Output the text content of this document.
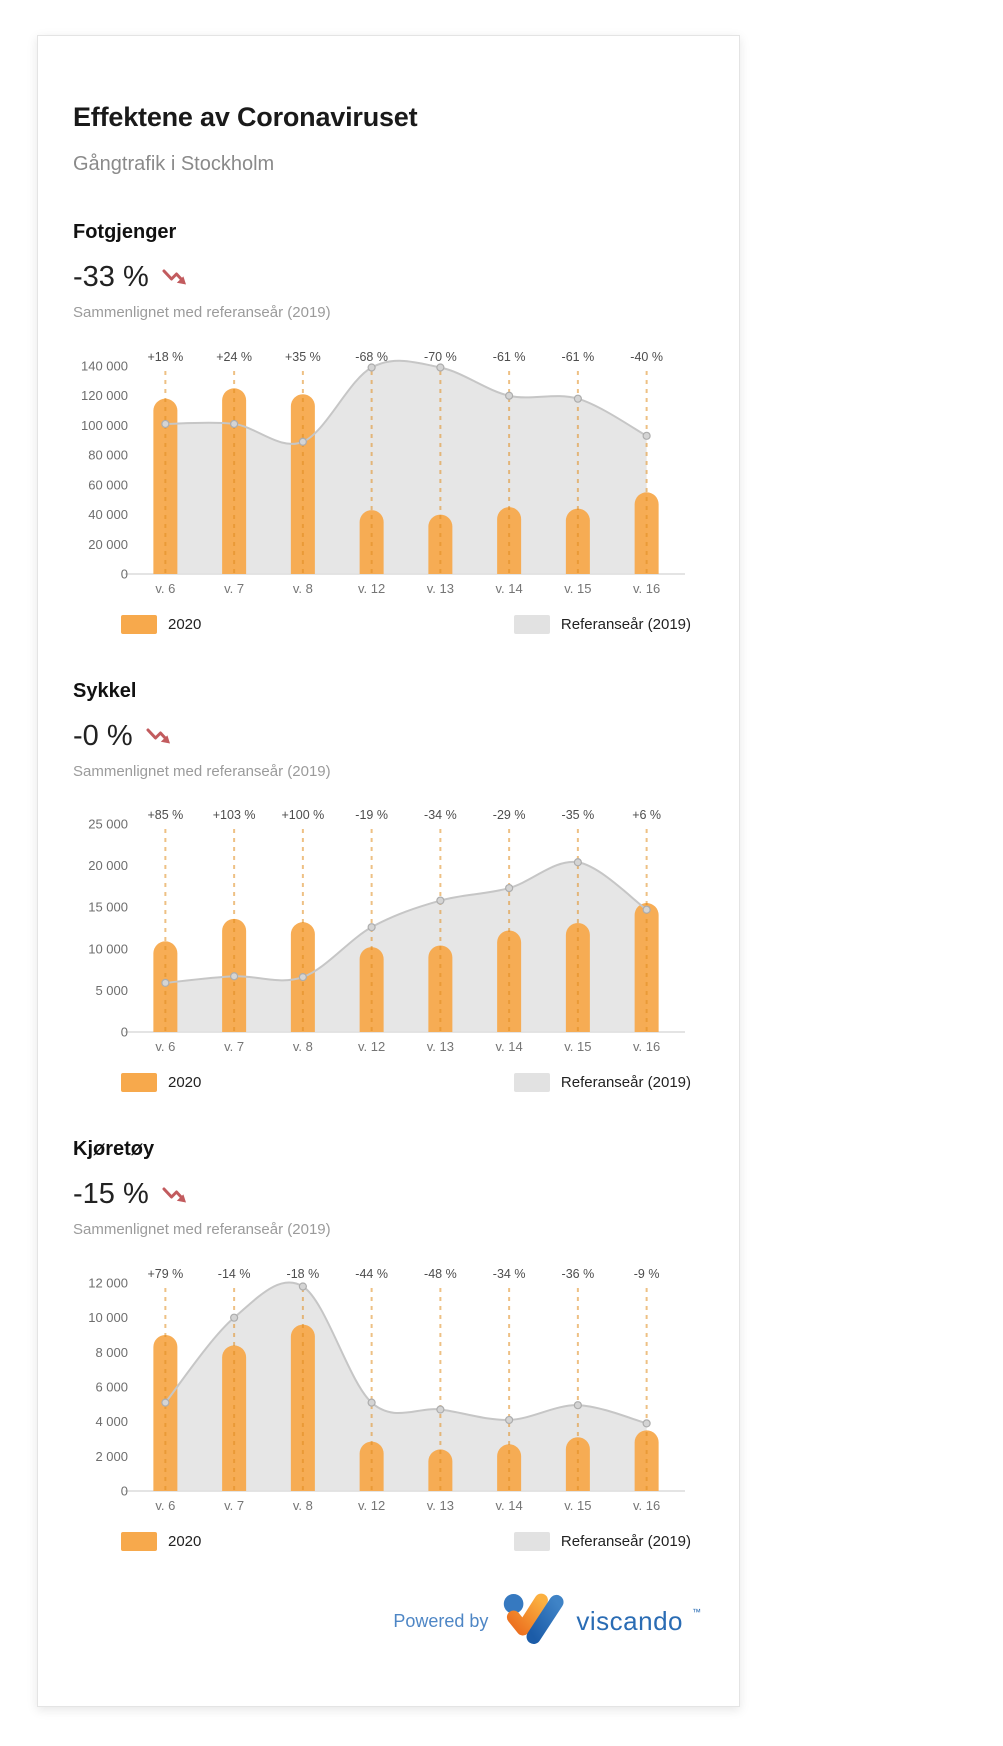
Effektene av Coronaviruset
Gångtrafik i Stockholm
Fotgjenger
-33 %
Sammenlignet med referanseår (2019)
+18 %	+24 %	+35 %	-68 %	-70 %	-61 %	-61 %	-40 %
140 000
120 000
100 000
80 000
60 000
40 000
20 000
0
v. 6	v. 7	v. 8	v. 12	v. 13	v. 14	v. 15	v. 16
2020	Referanseår (2019)
Sykkel
-0 %
Sammenlignet med referanseår (2019)
+85 % +103 % +100 % -19 %	-34 %	-29 %	-35 %	+6 %
25 000
20 000
15 000
10 000
5 000
0
v. 6	v. 7	v. 8	v. 12	v. 13	v. 14	v. 15	v. 16
2020	Referanseår (2019)
Kjøretøy
-15 %
Sammenlignet med referanseår (2019)
+79 %	-14 %	-18 %	-44 %	-48 %	-34 %	-36 %	-9 %
12 000
10 000
8 000
6 000
4 000
2 000
0
v. 6	v. 7	v. 8	v. 12	v. 13	v. 14	v. 15	v. 16
2020	Referanseår (2019)
Powered by	viscando ™
